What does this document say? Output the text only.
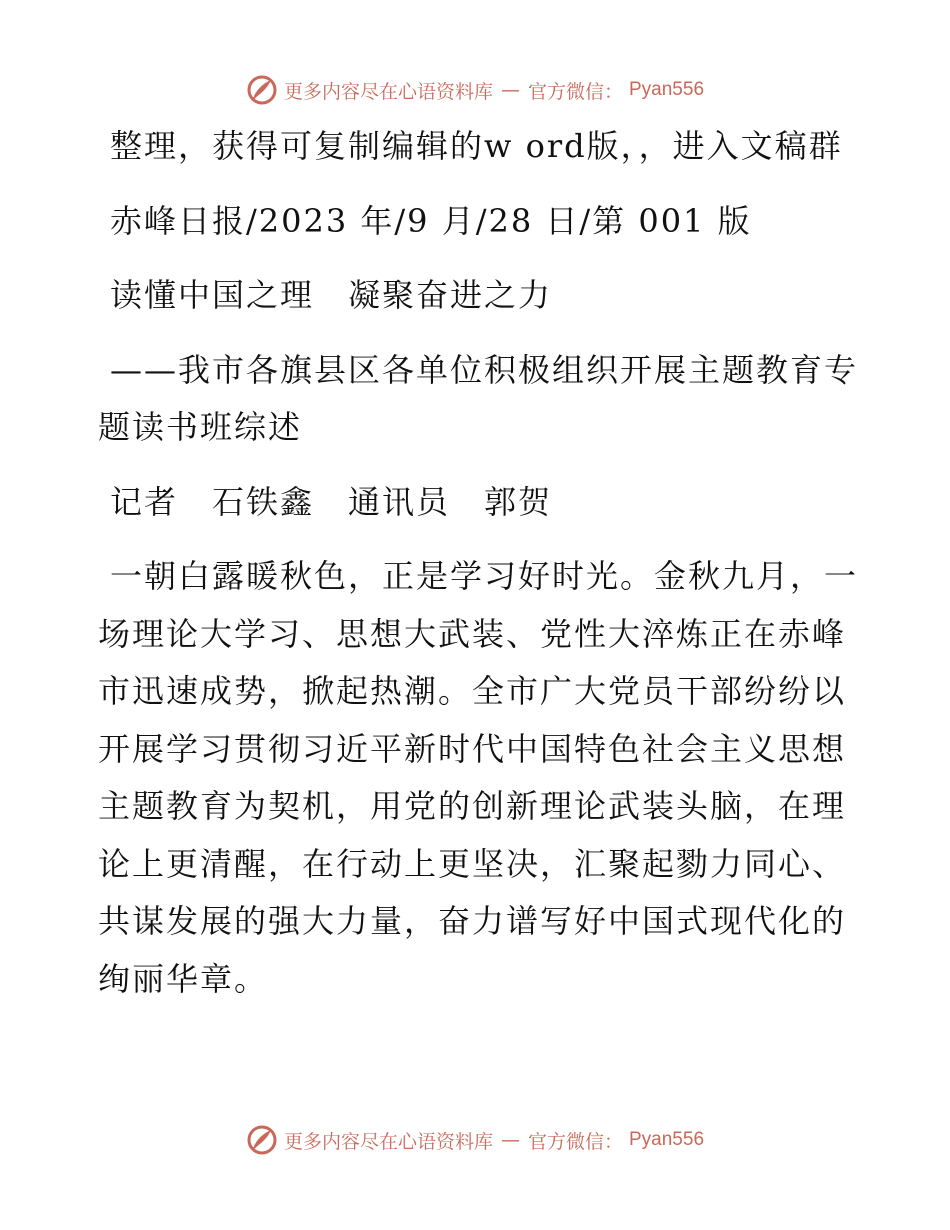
更多内容尽在心语资料库 — 官方微信： Pyan556

整理，获得可复制编辑的w ord版，，进入文稿群

赤峰日报/2023 年/9 月/28 日/第 001 版

读懂中国之理　凝聚奋进之力

——我市各旗县区各单位积极组织开展主题教育专题读书班综述

记者　石铁鑫　通讯员　郭贺

一朝白露暖秋色，正是学习好时光。金秋九月，一场理论大学习、思想大武装、党性大淬炼正在赤峰市迅速成势，掀起热潮。全市广大党员干部纷纷以开展学习贯彻习近平新时代中国特色社会主义思想主题教育为契机，用党的创新理论武装头脑，在理论上更清醒，在行动上更坚决，汇聚起勠力同心、共谋发展的强大力量，奋力谱写好中国式现代化的绚丽华章。

更多内容尽在心语资料库 — 官方微信： Pyan556
